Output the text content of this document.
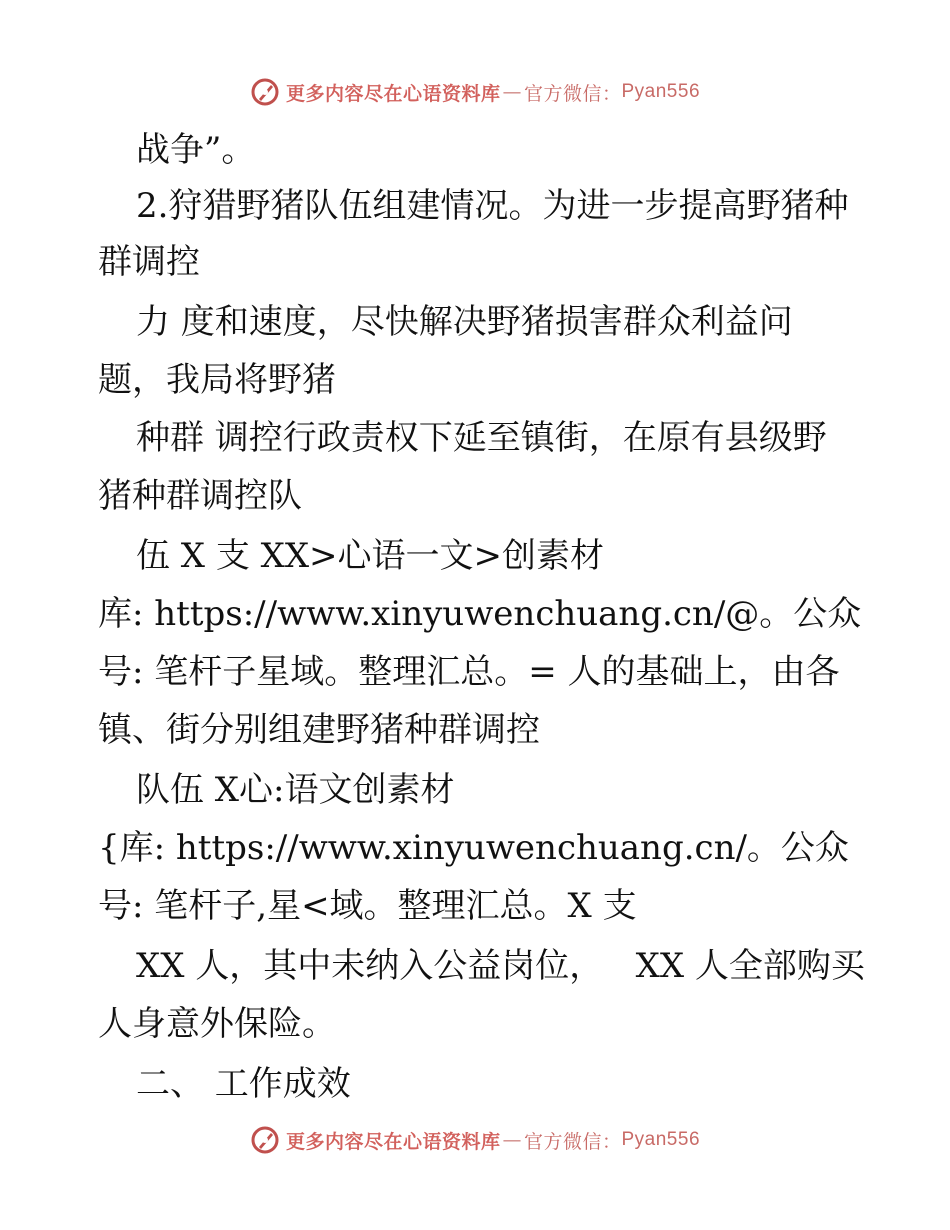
更多内容尽在心语资料库 — 官方微信： Pyan556
战争”。
2.狩猎野猪队伍组建情况。为进一步提高野猪种
群调控
力 度和速度，尽快解决野猪损害群众利益问
题，我局将野猪
种群 调控行政责权下延至镇街，在原有县级野
猪种群调控队
伍 X 支 XX>心语一文>创素材
库: https://www.xinyuwenchuang.cn/@。公众
号: 笔杆子星域。整理汇总。= 人的基础上，由各
镇、街分别组建野猪种群调控
队伍 X心:语文创素材
{库: https://www.xinyuwenchuang.cn/。公众
号: 笔杆子,星<域。整理汇总。X 支
XX 人，其中未纳入公益岗位，   XX 人全部购买
人身意外保险。
二、 工作成效
更多内容尽在心语资料库 — 官方微信： Pyan556
